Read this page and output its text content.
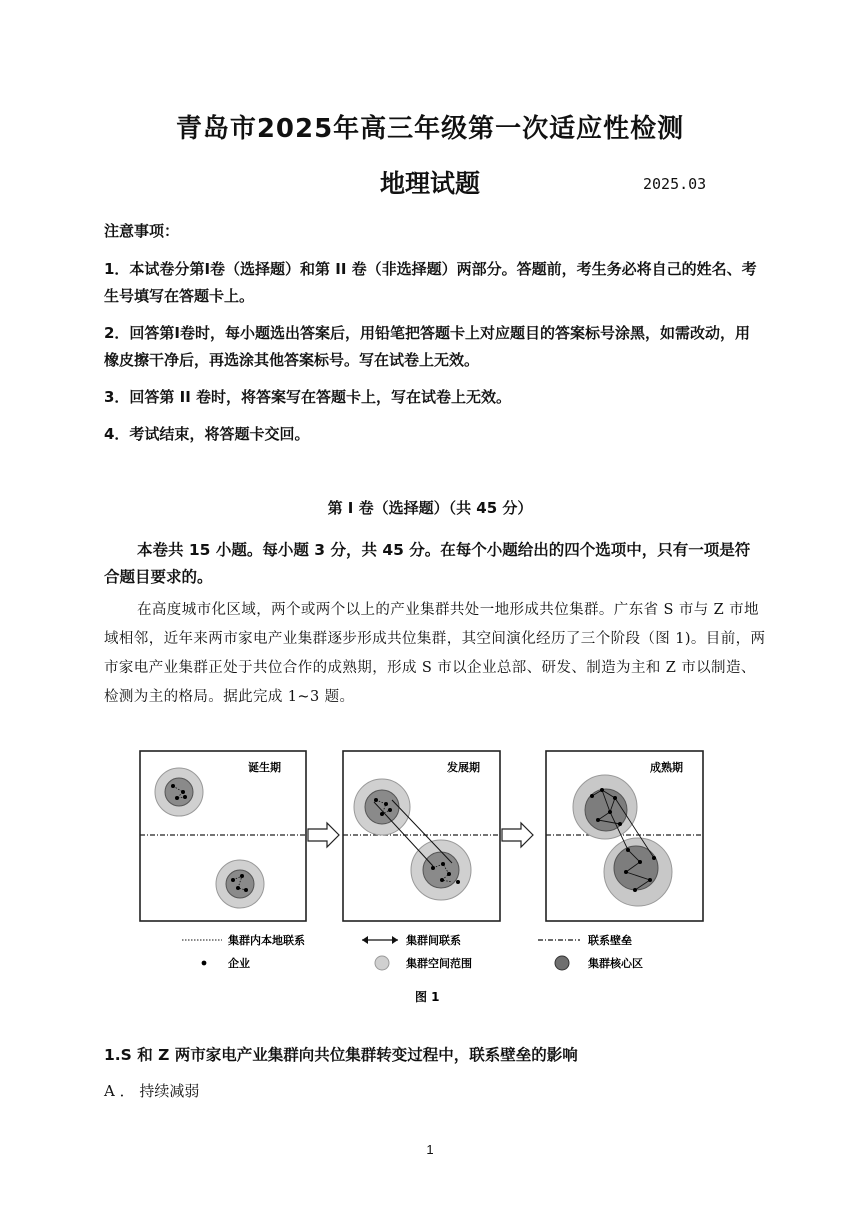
青岛市2025年高三年级第一次适应性检测
地理试题	2025.03
注意事项：
1．本试卷分第Ⅰ卷（选择题）和第 II 卷（非选择题）两部分。答题前，考生务必将自己的姓名、考生号填写在答题卡上。
2．回答第Ⅰ卷时，每小题选出答案后，用铅笔把答题卡上对应题目的答案标号涂黑，如需改动，用橡皮擦干净后，再选涂其他答案标号。写在试卷上无效。
3．回答第 II 卷时，将答案写在答题卡上，写在试卷上无效。
4．考试结束，将答题卡交回。
第 Ⅰ 卷（选择题）（共 45 分）
本卷共 15 小题。每小题 3 分，共 45 分。在每个小题给出的四个选项中，只有一项是符合题目要求的。
在高度城市化区域，两个或两个以上的产业集群共处一地形成共位集群。广东省 S 市与 Z 市地域相邻，近年来两市家电产业集群逐步形成共位集群，其空间演化经历了三个阶段（图 1)。目前，两市家电产业集群正处于共位合作的成熟期，形成 S 市以企业总部、研发、制造为主和 Z 市以制造、检测为主的格局。据此完成 1~3 题。
诞生期	发展期	成熟期
集群内本地联系	集群间联系	联系壁垒
企业	集群空间范围	集群核心区
图 1
1.S 和 Z 两市家电产业集群向共位集群转变过程中，联系壁垒的影响
A ． 持续减弱
1
